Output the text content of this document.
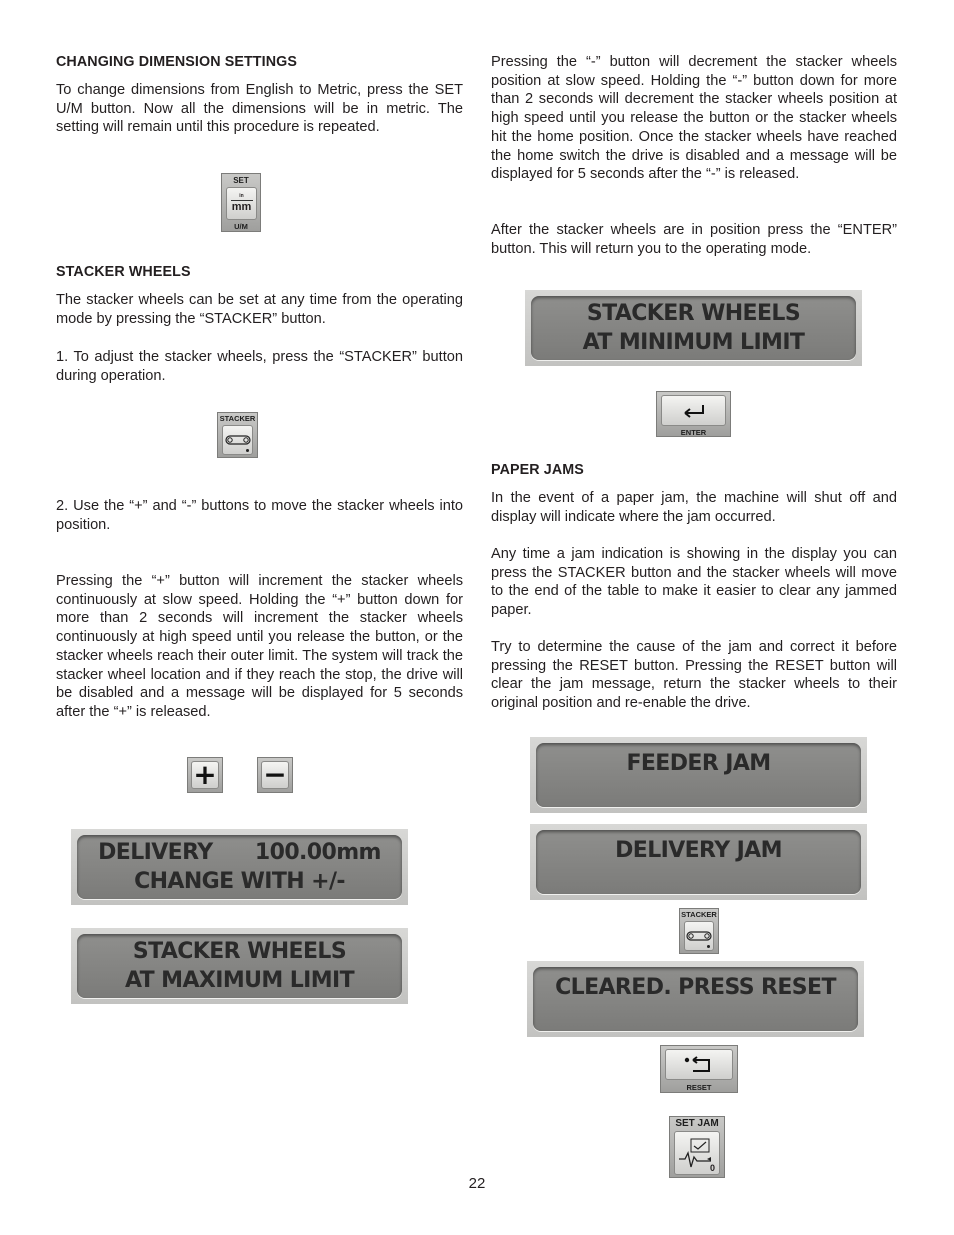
CHANGING DIMENSION SETTINGS

To change dimensions from English to Metric, press the SET U/M button. Now all the dimensions will be in metric. The setting will remain until this procedure is repeated.

SET
in
mm
U/M
STACKER WHEELS

The stacker wheels can be set at any time from the operating mode by pressing the “STACKER” button.

1. To adjust the stacker wheels, press the “STACKER” button during operation.

STACKER

2. Use the “+” and “-” buttons to move the stacker wheels into position.

Pressing the “+” button will increment the stacker wheels continuously at slow speed. Holding the “+” button down for more than 2 seconds will increment the stacker wheels continuously at high speed until you release the button, or the stacker wheels reach their outer limit. The system will track the stacker wheel location and if they reach the stop, the drive will be disabled and a message will be displayed for 5 seconds after the “+” is released.

+ −
DELIVERY      100.00mm
CHANGE WITH +/-
STACKER WHEELS
AT MAXIMUM LIMIT

Pressing the “-” button will decrement the stacker wheels position at slow speed. Holding the “-” button down for more than 2 seconds will decrement the stacker wheels position at high speed until you release the button or the stacker wheels hit the home position. Once the stacker wheels have reached the home switch the drive is disabled and a message will be displayed for 5 seconds after the “-” is released.

After the stacker wheels are in position press the “ENTER” button. This will return you to the operating mode.

STACKER WHEELS
AT MINIMUM LIMIT
ENTER
PAPER JAMS

In the event of a paper jam, the machine will shut off and display will indicate where the jam occurred.

Any time a jam indication is showing in the display you can press the STACKER button and the stacker wheels will move to the end of the table to make it easier to clear any jammed paper.

Try to determine the cause of the jam and correct it before pressing the RESET button. Pressing the RESET button will clear the jam message, return the stacker wheels to their original position and re-enable the drive.

FEEDER JAM
DELIVERY JAM
STACKER
CLEARED. PRESS RESET
RESET
SET JAM
0
22
